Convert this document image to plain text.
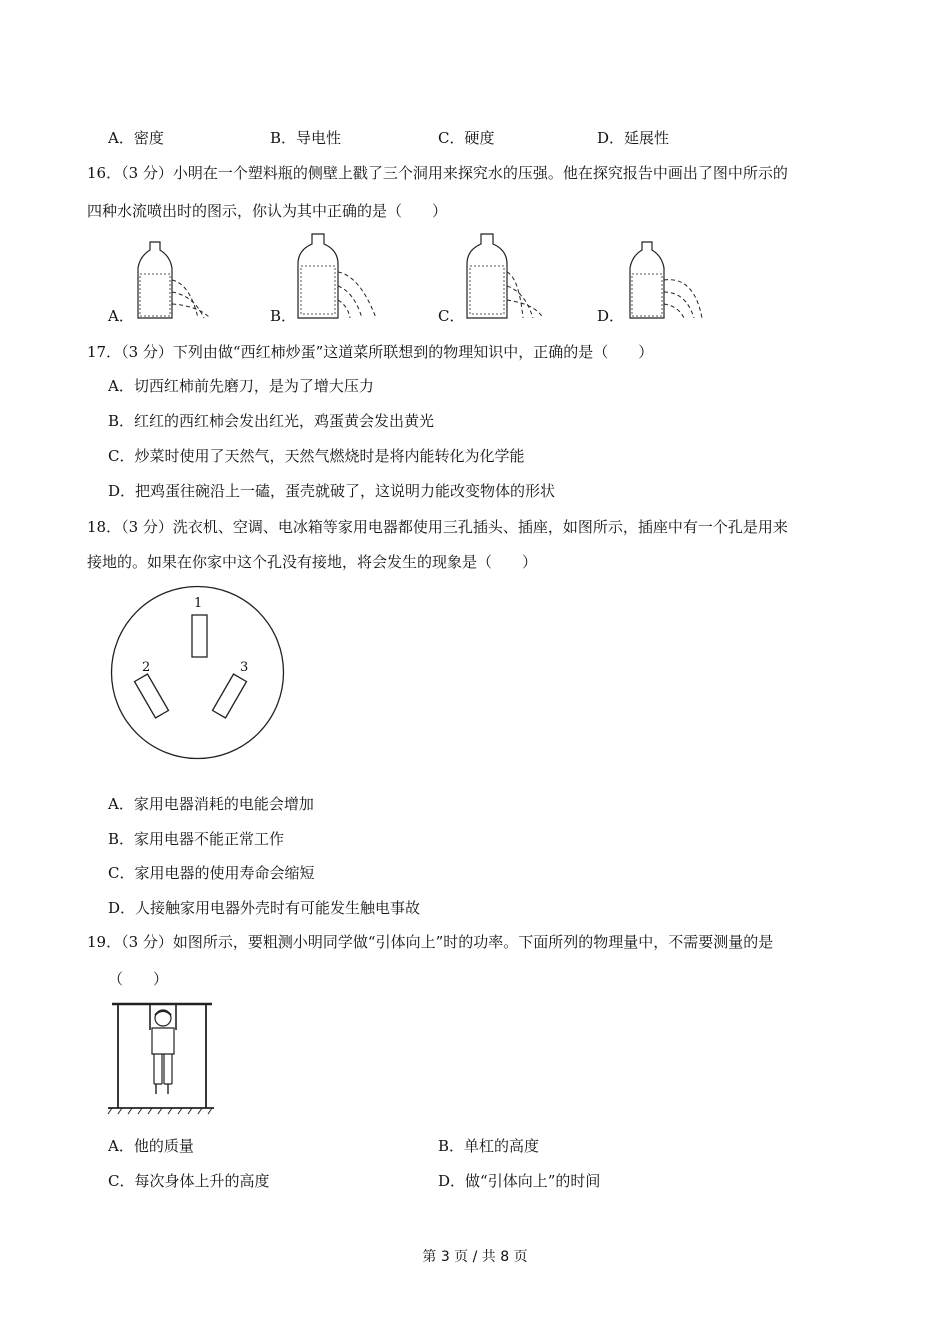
A．密度	B．导电性	C．硬度	D．延展性
16．（3 分）小明在一个塑料瓶的侧壁上戳了三个洞用来探究水的压强。他在探究报告中画出了图中所示的
四种水流喷出时的图示，你认为其中正确的是（　　）
A．	B．	C．	D．
17．（3 分）下列由做“西红柿炒蛋”这道菜所联想到的物理知识中，正确的是（　　）
A．切西红柿前先磨刀，是为了增大压力
B．红红的西红柿会发出红光，鸡蛋黄会发出黄光
C．炒菜时使用了天然气，天然气燃烧时是将内能转化为化学能
D．把鸡蛋往碗沿上一磕，蛋壳就破了，这说明力能改变物体的形状
18．（3 分）洗衣机、空调、电冰箱等家用电器都使用三孔插头、插座，如图所示，插座中有一个孔是用来
接地的。如果在你家中这个孔没有接地，将会发生的现象是（　　）
1
2	3
A．家用电器消耗的电能会增加
B．家用电器不能正常工作
C．家用电器的使用寿命会缩短
D．人接触家用电器外壳时有可能发生触电事故
19．（3 分）如图所示，要粗测小明同学做“引体向上”时的功率。下面所列的物理量中，不需要测量的是
（　　）
A．他的质量	B．单杠的高度
C．每次身体上升的高度	D．做“引体向上”的时间
第 3 页 / 共 8 页
